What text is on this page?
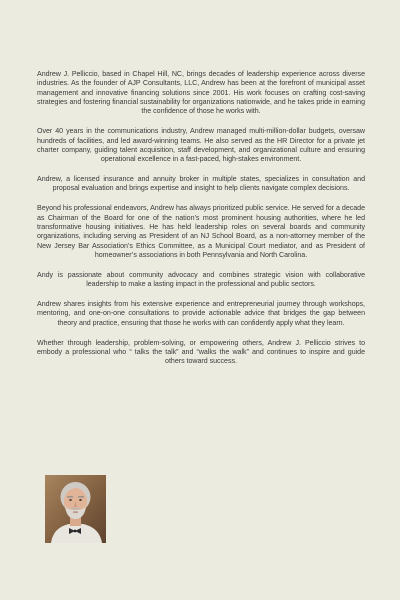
Andrew J. Pelliccio, based in Chapel Hill, NC, brings decades of leadership experience across diverse industries. As the founder of AJP Consultants, LLC, Andrew has been at the forefront of municipal asset management and innovative financing solutions since 2001. His work focuses on crafting cost-saving strategies and fostering financial sustainability for organizations nationwide, and he takes pride in earning the confidence of those he works with.

Over 40 years in the communications industry, Andrew managed multi-million-dollar budgets, oversaw hundreds of facilities, and led award-winning teams. He also served as the HR Director for a private jet charter company, guiding talent acquisition, staff development, and organizational culture and ensuring operational excellence in a fast-paced, high-stakes environment.

Andrew, a licensed insurance and annuity broker in multiple states, specializes in consultation and proposal evaluation and brings expertise and insight to help clients navigate complex decisions.

Beyond his professional endeavors, Andrew has always prioritized public service. He served for a decade as Chairman of the Board for one of the nation’s most prominent housing authorities, where he led transformative housing initiatives. He has held leadership roles on several boards and community organizations, including serving as President of an NJ School Board, as a non-attorney member of the New Jersey Bar Association’s Ethics Committee, as a Municipal Court mediator, and as President of homeowner’s associations in both Pennsylvania and North Carolina.

Andy is passionate about community advocacy and combines strategic vision with collaborative leadership to make a lasting impact in the professional and public sectors.

Andrew shares insights from his extensive experience and entrepreneurial journey through workshops, mentoring, and one-on-one consultations to provide actionable advice that bridges the gap between theory and practice, ensuring that those he works with can confidently apply what they learn.

Whether through leadership, problem-solving, or empowering others, Andrew J. Pelliccio strives to embody a professional who “ talks the talk” and “walks the walk” and continues to inspire and guide others toward success.
